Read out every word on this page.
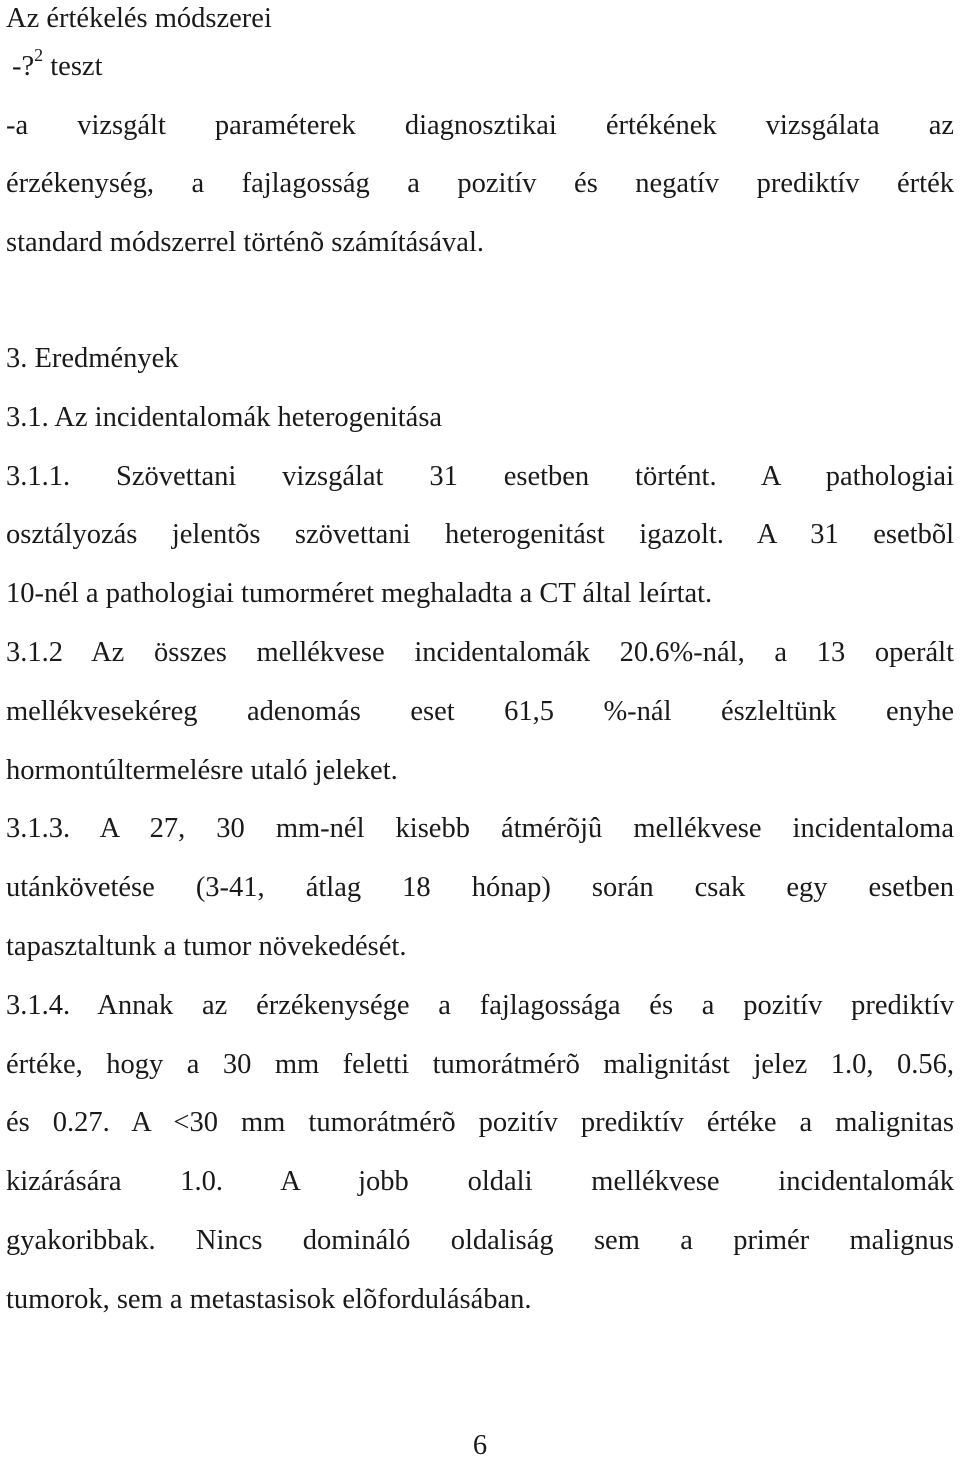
Az értékelés módszerei
-?$^2$ teszt
-a vizsgált paraméterek diagnosztikai értékének vizsgálata az
érzékenység, a fajlagosság a pozitív és negatív prediktív érték
standard módszerrel történõ számításával.
3. Eredmények
3.1. Az incidentalomák heterogenitása
3.1.1. Szövettani vizsgálat 31 esetben történt. A pathologiai
osztályozás jelentõs szövettani heterogenitást igazolt. A 31 esetbõl
10-nél a pathologiai tumorméret meghaladta a CT által leírtat.
3.1.2 Az összes mellékvese incidentalomák 20.6%-nál, a 13 operált
mellékvesekéreg adenomás eset 61,5 %-nál észleltünk enyhe
hormontúltermelésre utaló jeleket.
3.1.3. A 27, 30 mm-nél kisebb átmérõjû mellékvese incidentaloma
utánkövetése (3-41, átlag 18 hónap) során csak egy esetben
tapasztaltunk a tumor növekedését.
3.1.4. Annak az érzékenysége a fajlagossága és a pozitív prediktív
értéke, hogy a 30 mm feletti tumorátmérõ malignitást jelez 1.0, 0.56,
és 0.27. A <30 mm tumorátmérõ pozitív prediktív értéke a malignitas
kizárására 1.0. A jobb oldali mellékvese incidentalomák
gyakoribbak. Nincs domináló oldaliság sem a primér malignus
tumorok, sem a metastasisok elõfordulásában.
6
